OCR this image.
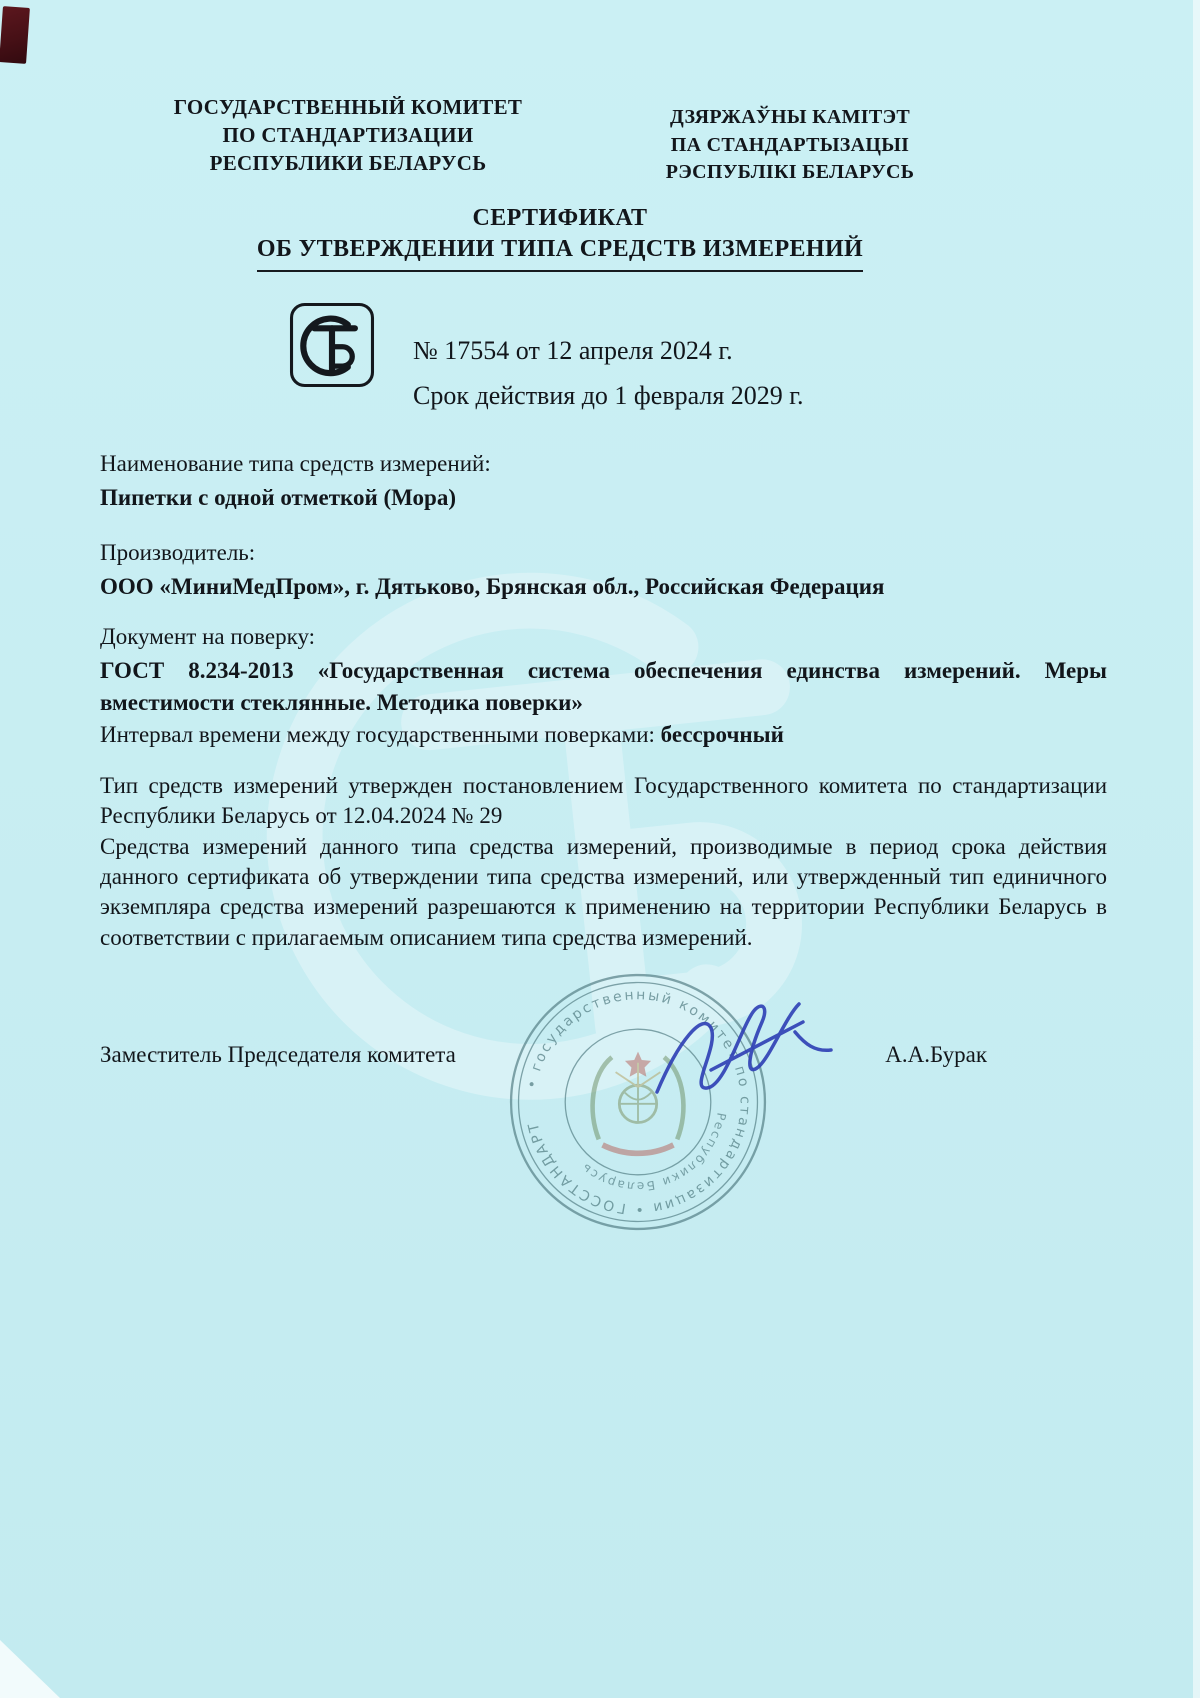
ГОСУДАРСТВЕННЫЙ КОМИТЕТ
ПО СТАНДАРТИЗАЦИИ
РЕСПУБЛИКИ БЕЛАРУСЬ
ДЗЯРЖАЎНЫ КАМІТЭТ
ПА СТАНДАРТЫЗАЦЫІ
РЭСПУБЛІКІ БЕЛАРУСЬ
СЕРТИФИКАТ
ОБ УТВЕРЖДЕНИИ ТИПА СРЕДСТВ ИЗМЕРЕНИЙ
№ 17554 от 12 апреля 2024 г.
Срок действия до 1 февраля 2029 г.

Наименование типа средств измерений:

Пипетки с одной отметкой (Мора)

Производитель:

ООО «МиниМедПром», г. Дятьково, Брянская обл., Российская Федерация

Документ на поверку:

ГОСТ 8.234-2013 «Государственная система обеспечения единства измерений. Меры вместимости стеклянные. Методика поверки»

Интервал времени между государственными поверками: бессрочный

Тип средств измерений утвержден постановлением Государственного комитета по стандартизации Республики Беларусь от 12.04.2024 № 29

Средства измерений данного типа средства измерений, производимые в период срока действия данного сертификата об утверждении типа средства измерений, или утвержденный тип единичного экземпляра средства измерений разрешаются к применению на территории Республики Беларусь в соответствии с прилагаемым описанием типа средства измерений.

Заместитель Председателя комитета	А.А.Бурак
• государственный комитет по стандартизации • ГОССТАНДАРТ
Республики Беларусь
